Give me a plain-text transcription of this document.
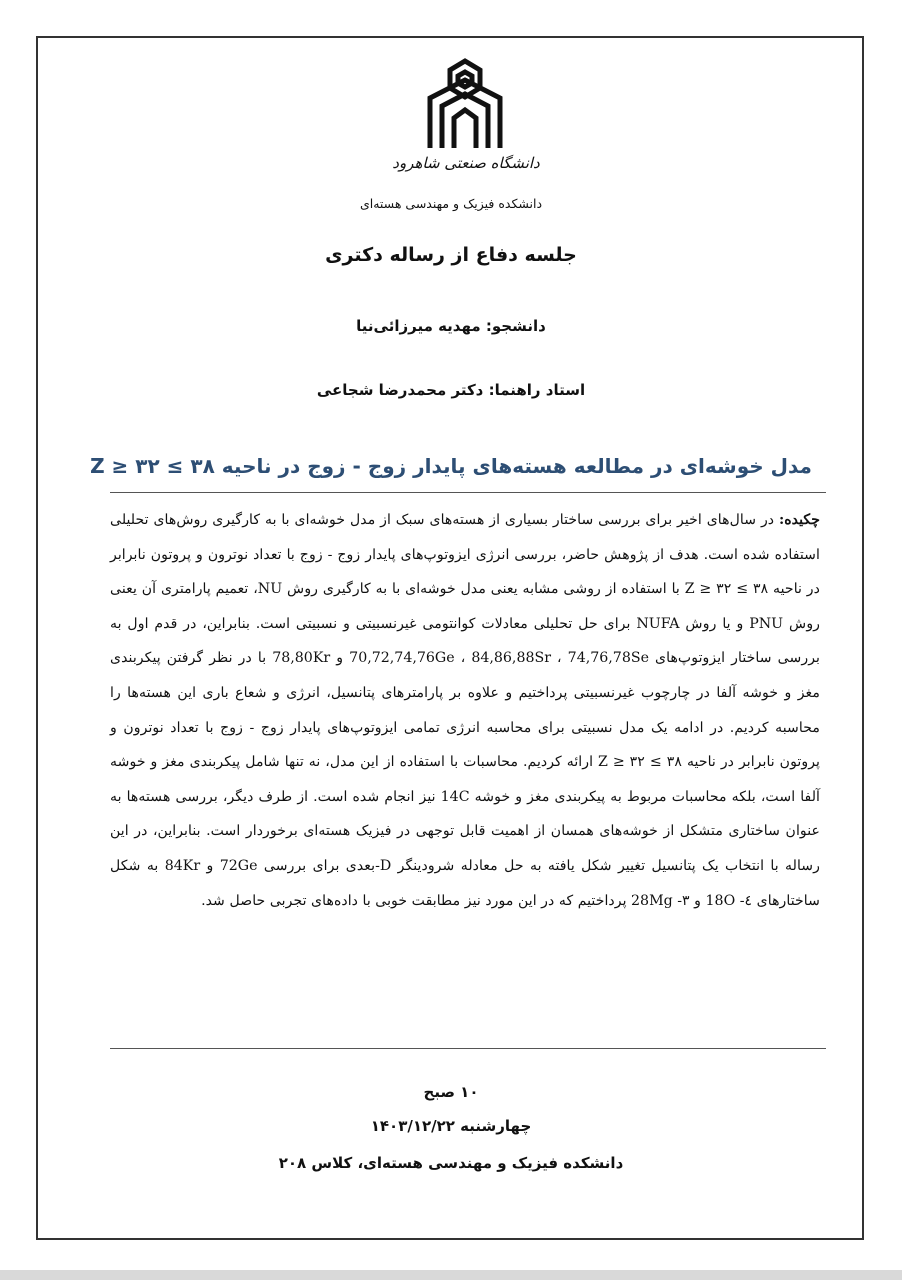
دانشگاه صنعتی شاهرود
دانشکده فیزیک و مهندسی هسته‌ای
جلسه دفاع از رساله دکتری
دانشجو: مهدیه میرزائی‌نیا
استاد راهنما: دکتر محمدرضا شجاعی
مدل خوشه‌ای در مطالعه هسته‌های پایدار زوج - زوج در ناحیه ۳۸ ≥ Z ≥ ۳۲
چکیده: در سال‌های اخیر برای بررسی ساختار بسیاری از هسته‌های سبک از مدل خوشه‌ای با به کارگیری روش‌های تحلیلی استفاده شده است. هدف از پژوهش حاضر، بررسی انرژی ایزوتوپ‌های پایدار زوج - زوج با تعداد نوترون و پروتون نابرابر در ناحیه ۳۸ ≥ Z ≥ ۳۲ با استفاده از روشی مشابه یعنی مدل خوشه‌ای با به کارگیری روش NU، تعمیم پارامتری آن یعنی روش PNU و یا روش NUFA برای حل تحلیلی معادلات کوانتومی غیرنسبیتی و نسبیتی است. بنابراین، در قدم اول به بررسی ساختار ایزوتوپ‌های 70,72,74,76Ge ، 84,86,88Sr ، 74,76,78Se و 78,80Kr با در نظر گرفتن پیکربندی مغز و خوشه آلفا در چارچوب غیرنسبیتی پرداختیم و علاوه بر پارامترهای پتانسیل، انرژی و شعاع باری این هسته‌ها را محاسبه کردیم. در ادامه یک مدل نسبیتی برای محاسبه انرژی تمامی ایزوتوپ‌های پایدار زوج - زوج با تعداد نوترون و پروتون نابرابر در ناحیه ۳۸ ≥ Z ≥ ۳۲ ارائه کردیم. محاسبات با استفاده از این مدل، نه تنها شامل پیکربندی مغز و خوشه آلفا است، بلکه محاسبات مربوط به پیکربندی مغز و خوشه 14C نیز انجام شده است. از طرف دیگر، بررسی هسته‌ها به عنوان ساختاری متشکل از خوشه‌های همسان از اهمیت قابل توجهی در فیزیک هسته‌ای برخوردار است. بنابراین، در این رساله با انتخاب یک پتانسیل تغییر شکل یافته به حل معادله شرودینگر D-بعدی برای بررسی 72Ge و 84Kr به شکل ساختارهای ٤- 18O و ۳- 28Mg پرداختیم که در این مورد نیز مطابقت خوبی با داده‌های تجربی حاصل شد.
۱۰ صبح
چهارشنبه ۱۴۰۳/۱۲/۲۲
دانشکده فیزیک و مهندسی هسته‌ای، کلاس ۲۰۸
